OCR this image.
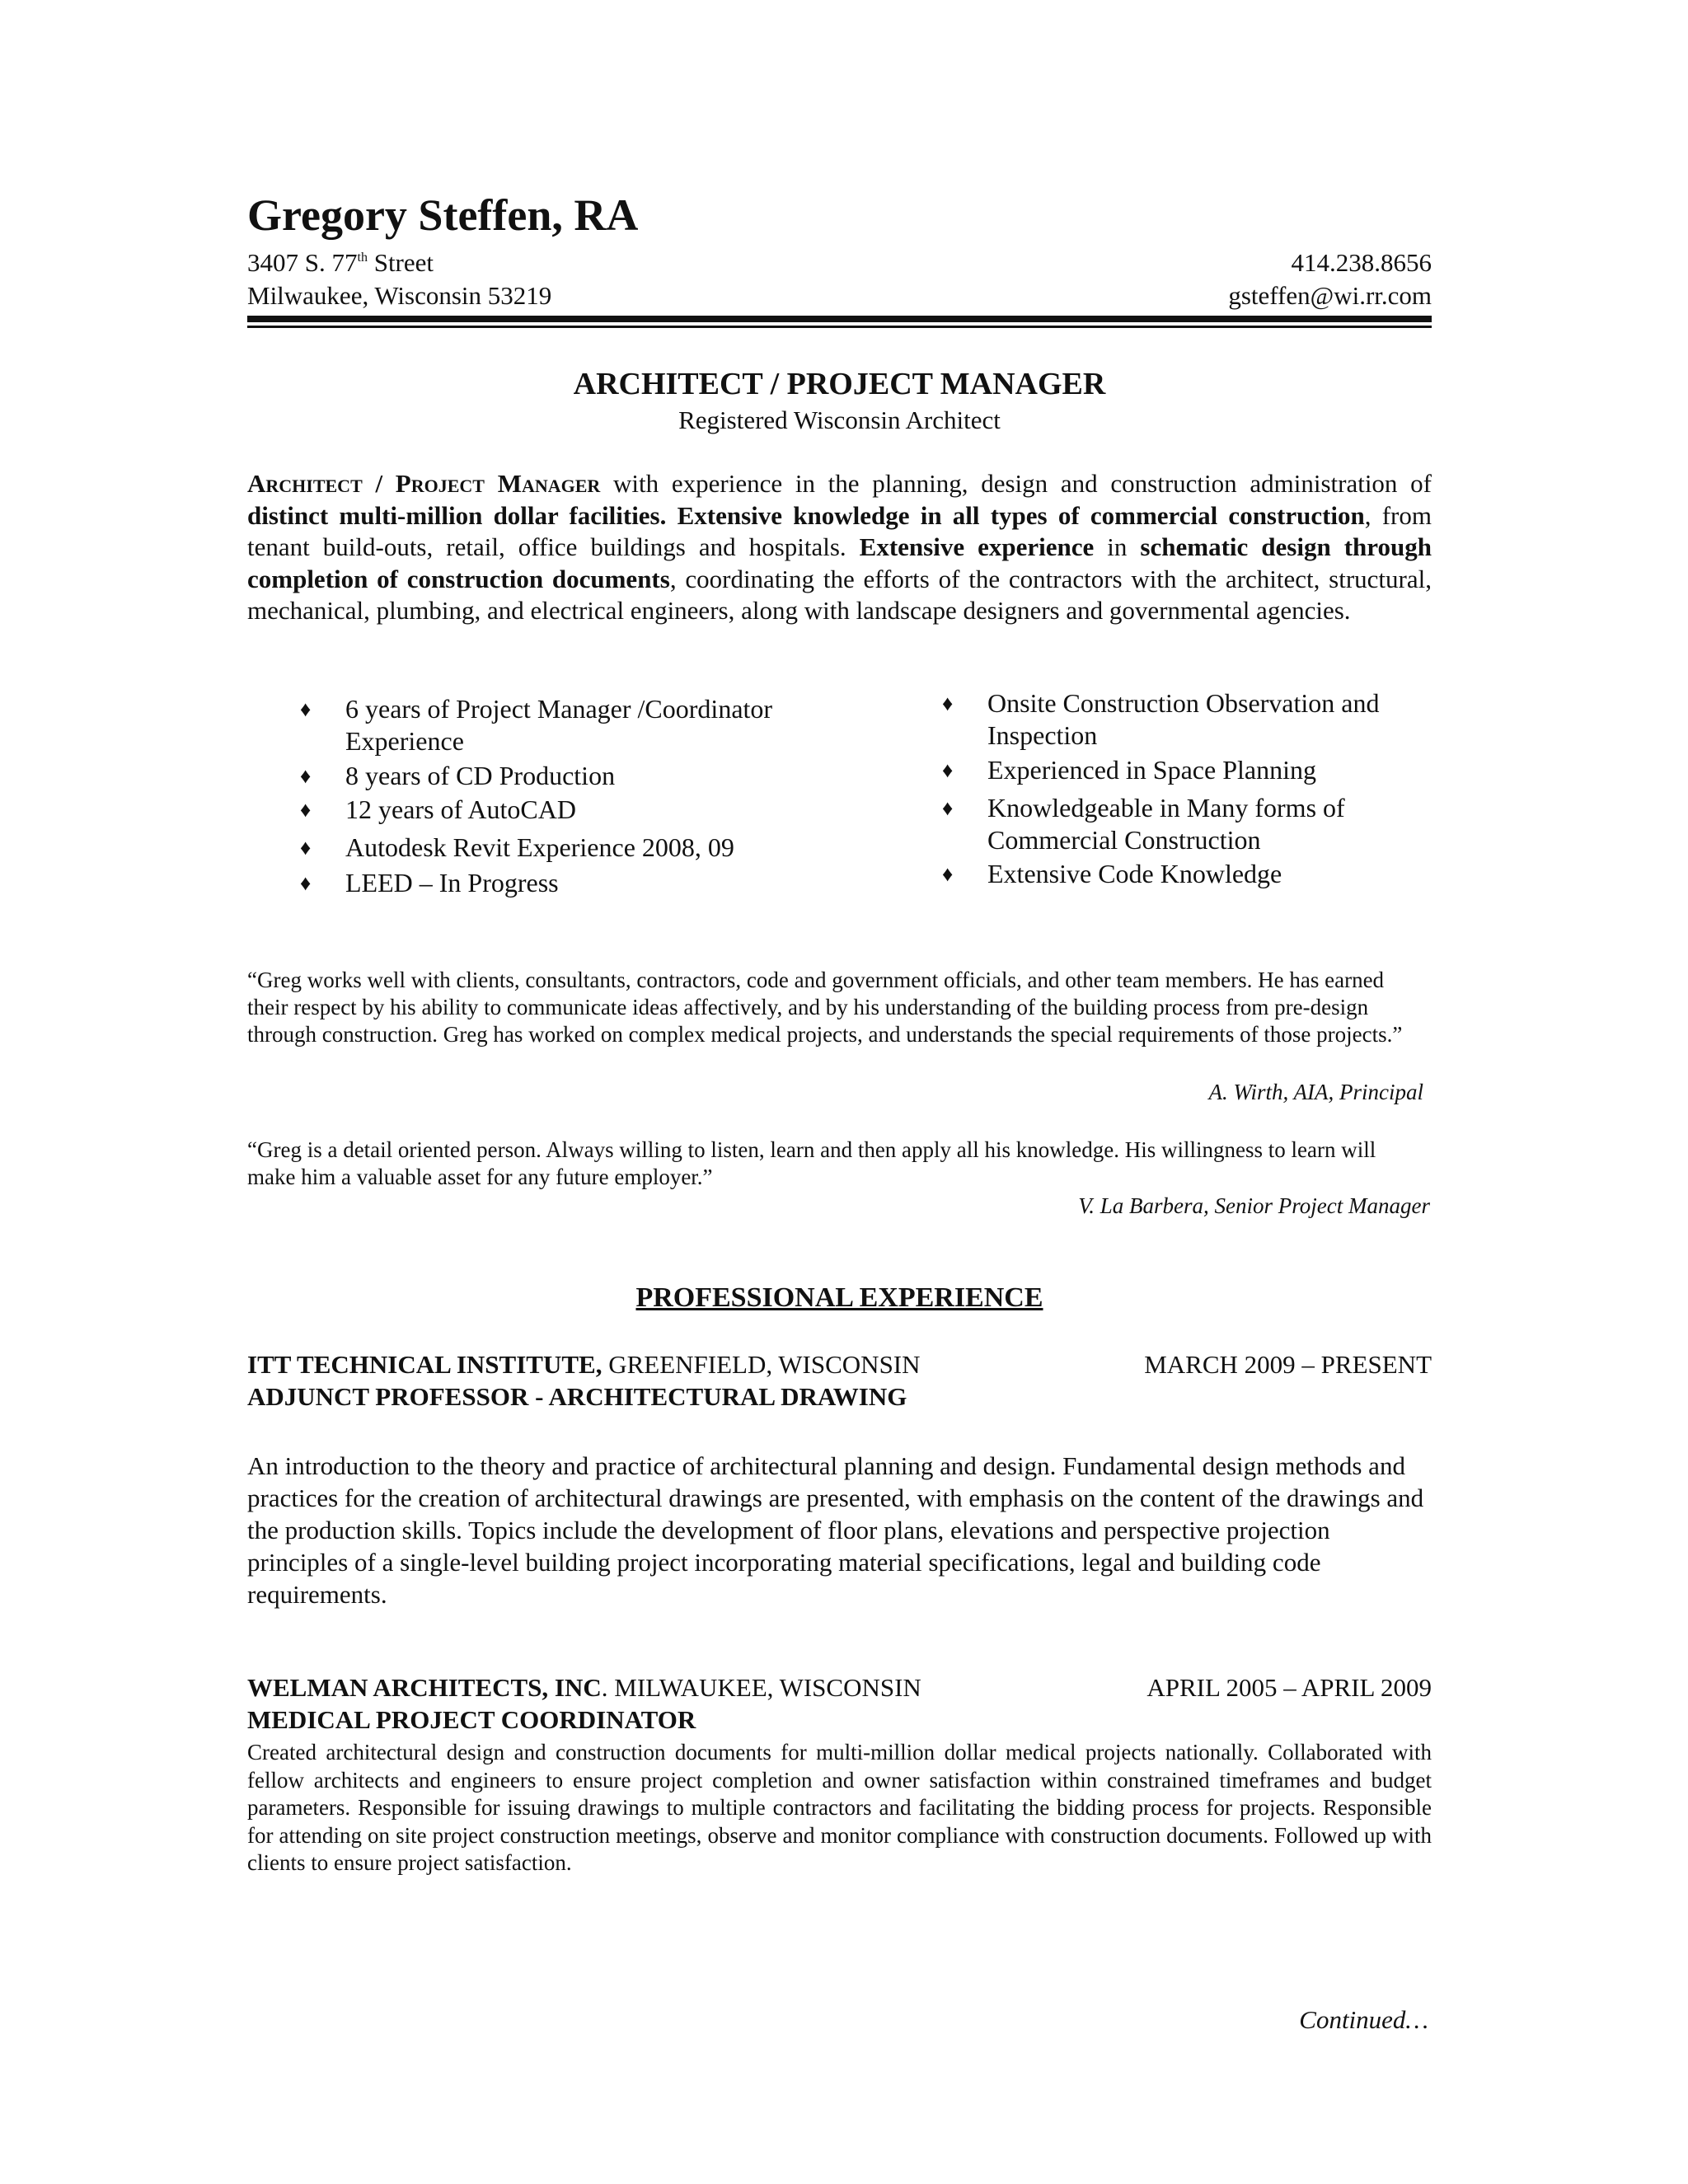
Gregory Steffen, RA
3407 S. 77th Street
Milwaukee, Wisconsin 53219
414.238.8656
gsteffen@wi.rr.com
ARCHITECT / PROJECT MANAGER
Registered Wisconsin Architect
Architect / Project Manager with experience in the planning, design and construction administration of distinct multi-million dollar facilities. Extensive knowledge in all types of commercial construction, from tenant build-outs, retail, office buildings and hospitals. Extensive experience in schematic design through completion of construction documents, coordinating the efforts of the contractors with the architect, structural, mechanical, plumbing, and electrical engineers, along with landscape designers and governmental agencies.
♦ 6 years of Project Manager /Coordinator
Experience
♦ 8 years of CD Production
♦ 12 years of AutoCAD
♦ Autodesk Revit Experience 2008, 09
♦ LEED – In Progress
♦ Onsite Construction Observation and
Inspection
♦ Experienced in Space Planning
♦ Knowledgeable in Many forms of
Commercial Construction
♦ Extensive Code Knowledge
“Greg works well with clients, consultants, contractors, code and government officials, and other team members. He has earned their respect by his ability to communicate ideas affectively, and by his understanding of the building process from pre-design through construction. Greg has worked on complex medical projects, and understands the special requirements of those projects.”
A. Wirth, AIA, Principal
“Greg is a detail oriented person. Always willing to listen, learn and then apply all his knowledge. His willingness to learn will make him a valuable asset for any future employer.”
V. La Barbera, Senior Project Manager
PROFESSIONAL EXPERIENCE
ITT TECHNICAL INSTITUTE, GREENFIELD, WISCONSIN	MARCH 2009 – PRESENT
ADJUNCT PROFESSOR - ARCHITECTURAL DRAWING
An introduction to the theory and practice of architectural planning and design. Fundamental design methods and practices for the creation of architectural drawings are presented, with emphasis on the content of the drawings and the production skills. Topics include the development of floor plans, elevations and perspective projection principles of a single-level building project incorporating material specifications, legal and building code requirements.
WELMAN ARCHITECTS, INC. MILWAUKEE, WISCONSIN	APRIL 2005 – APRIL 2009
MEDICAL PROJECT COORDINATOR
Created architectural design and construction documents for multi-million dollar medical projects nationally. Collaborated with fellow architects and engineers to ensure project completion and owner satisfaction within constrained timeframes and budget parameters. Responsible for issuing drawings to multiple contractors and facilitating the bidding process for projects. Responsible for attending on site project construction meetings, observe and monitor compliance with construction documents. Followed up with clients to ensure project satisfaction.
Continued…
